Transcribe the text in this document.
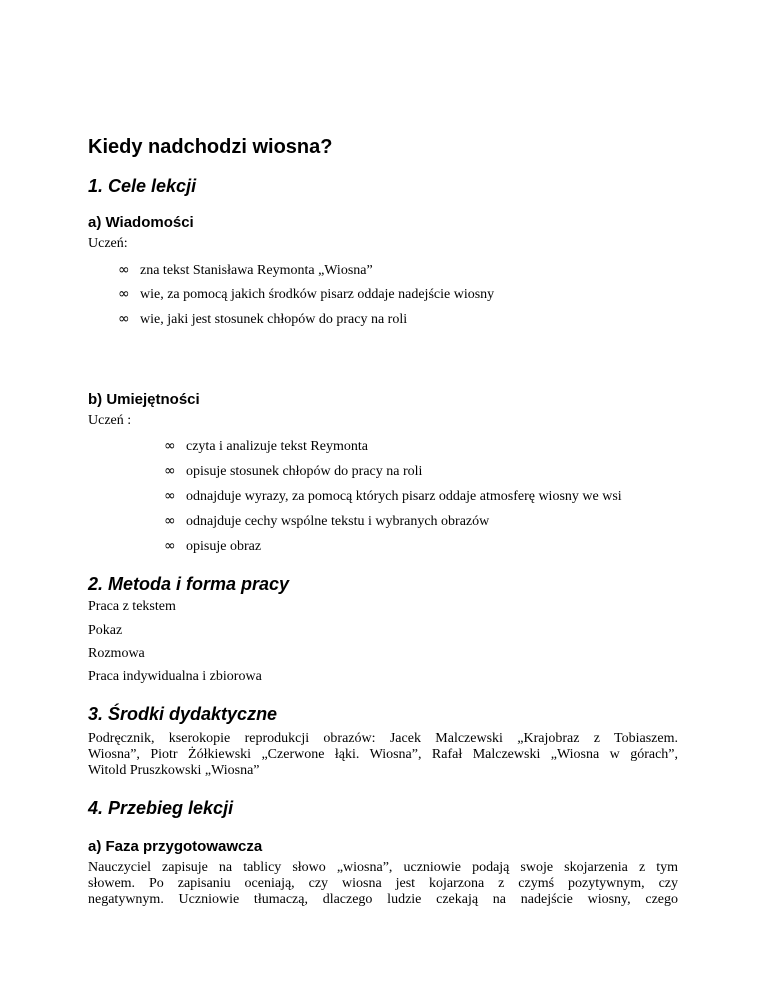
Kiedy nadchodzi wiosna?
1. Cele lekcji
a) Wiadomości
Uczeń:
∞ zna tekst Stanisława Reymonta „Wiosna”
∞ wie, za pomocą jakich środków pisarz oddaje nadejście wiosny
∞ wie, jaki jest stosunek chłopów do pracy na roli
b) Umiejętności
Uczeń :
∞ czyta i analizuje tekst Reymonta
∞ opisuje stosunek chłopów do pracy na roli
∞ odnajduje wyrazy, za pomocą których pisarz oddaje atmosferę wiosny we wsi
∞ odnajduje cechy wspólne tekstu i wybranych obrazów
∞ opisuje obraz
2. Metoda i forma pracy
Praca z tekstem
Pokaz
Rozmowa
Praca indywidualna i zbiorowa
3. Środki dydaktyczne
Podręcznik, kserokopie reprodukcji obrazów: Jacek Malczewski „Krajobraz z Tobiaszem.
Wiosna”, Piotr Żółkiewski „Czerwone łąki. Wiosna”, Rafał Malczewski „Wiosna w górach”,
Witold Pruszkowski „Wiosna”
4. Przebieg lekcji
a) Faza przygotowawcza
Nauczyciel zapisuje na tablicy słowo „wiosna”, uczniowie podają swoje skojarzenia z tym
słowem. Po zapisaniu oceniają, czy wiosna jest kojarzona z czymś pozytywnym, czy
negatywnym. Uczniowie tłumaczą, dlaczego ludzie czekają na nadejście wiosny, czego
